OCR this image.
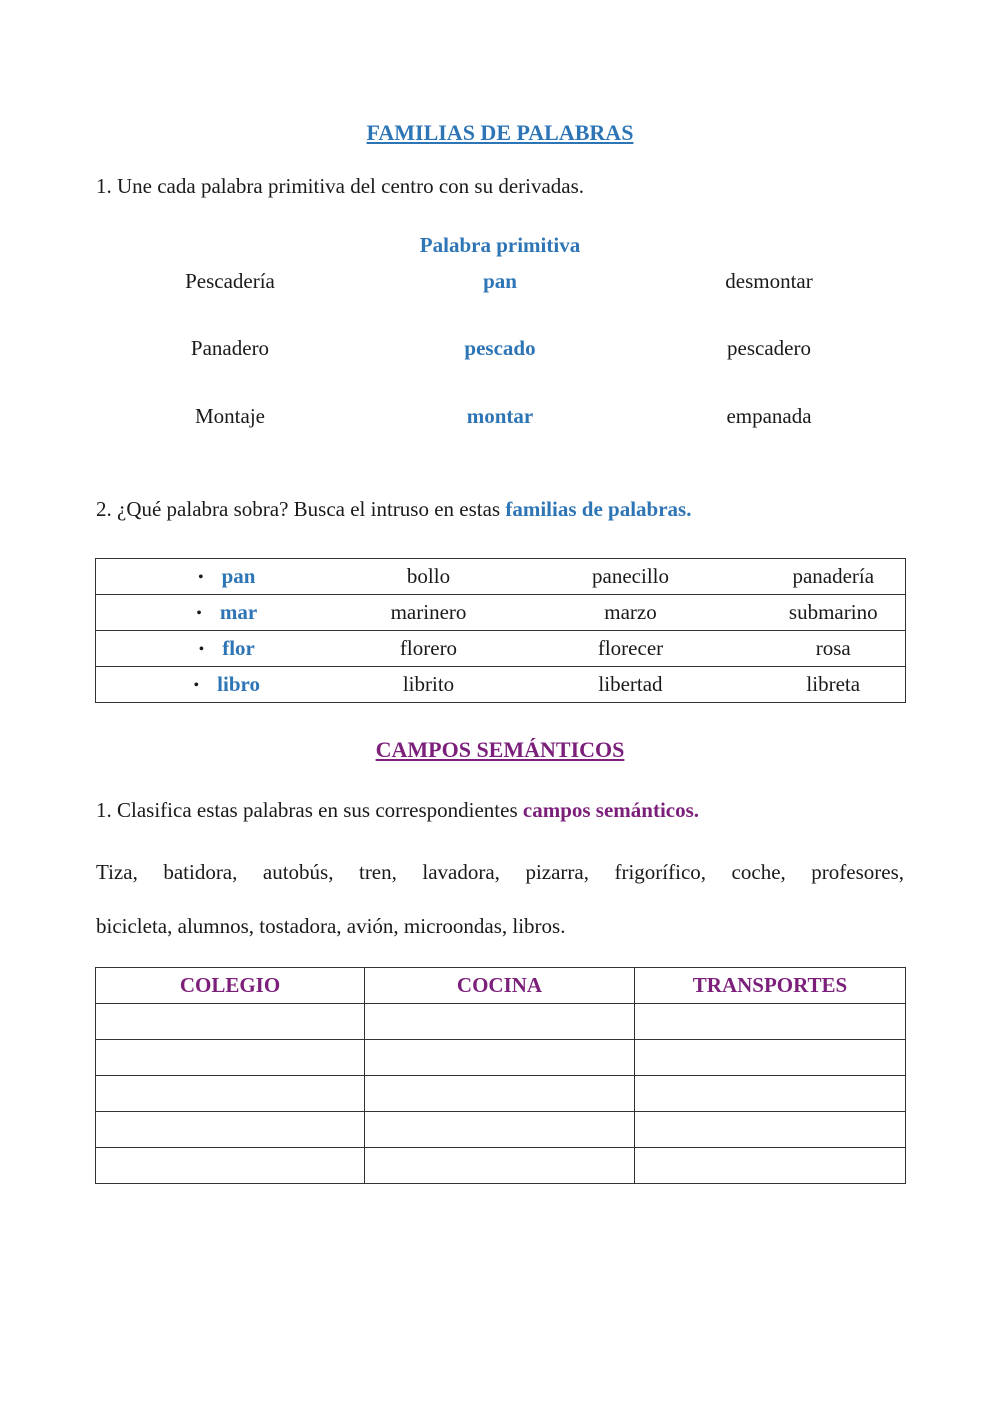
FAMILIAS DE PALABRAS
1. Une cada palabra primitiva del centro con su derivadas.
Palabra primitiva
Pescadería	pan	desmontar
Panadero	pescado	pescadero
Montaje	montar	empanada
2. ¿Qué palabra sobra? Busca el intruso en estas familias de palabras.
• pan	bollo	panecillo	panadería
• mar	marinero	marzo	submarino
• flor	florero	florecer	rosa
• libro	librito	libertad	libreta
CAMPOS SEMÁNTICOS
1. Clasifica estas palabras en sus correspondientes campos semánticos.
Tiza, batidora, autobús, tren, lavadora, pizarra, frigorífico, coche, profesores,
bicicleta, alumnos, tostadora, avión, microondas, libros.
COLEGIO	COCINA	TRANSPORTES
